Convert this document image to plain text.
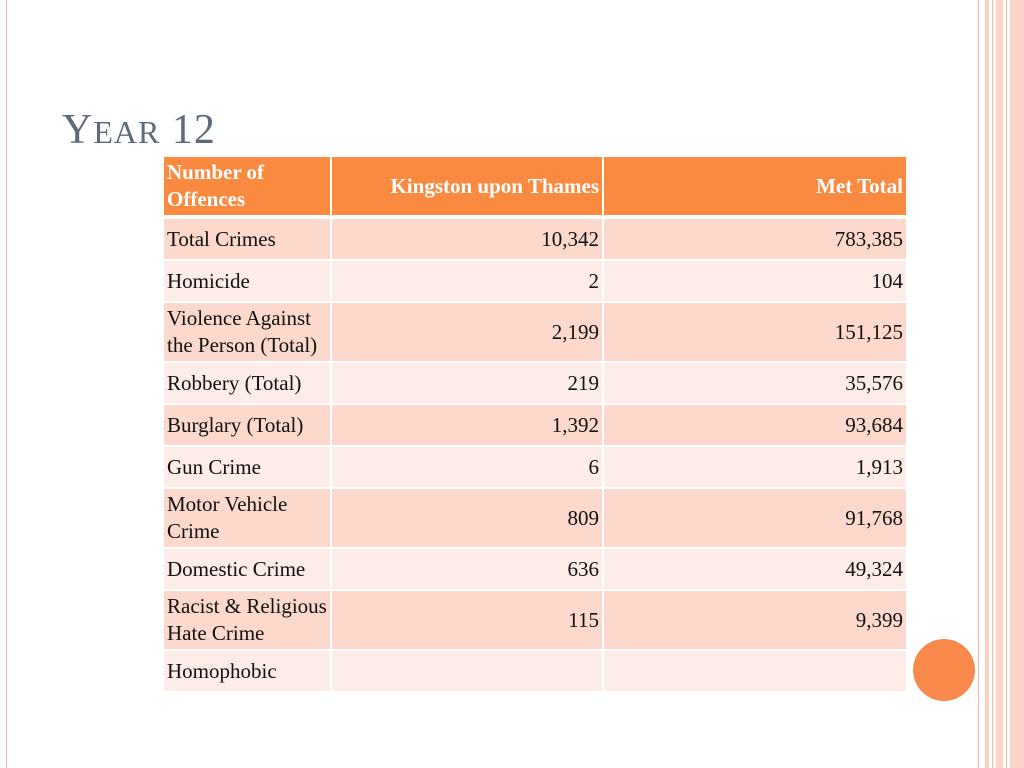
YEAR 12
Number of Offences	Kingston upon Thames	Met Total
Total Crimes	10,342	783,385
Homicide	2	104
Violence Against the Person (Total)	2,199	151,125
Robbery (Total)	219	35,576
Burglary (Total)	1,392	93,684
Gun Crime	6	1,913
Motor Vehicle Crime	809	91,768
Domestic Crime	636	49,324
Racist & Religious Hate Crime	115	9,399
Homophobic		
